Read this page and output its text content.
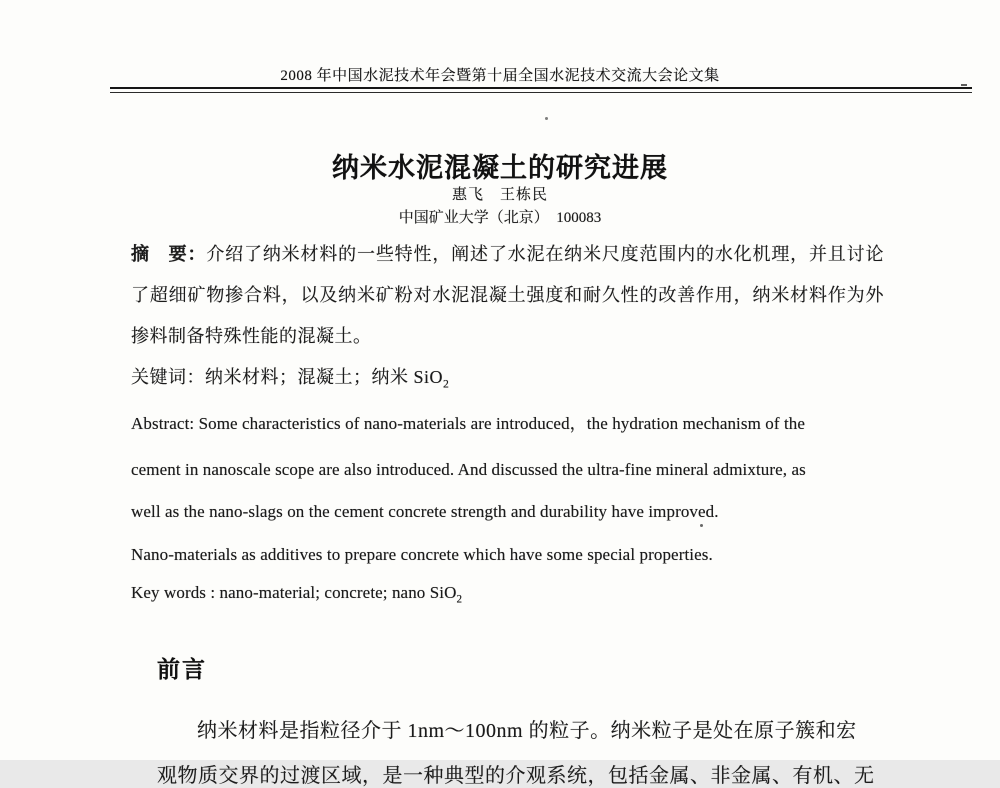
2008 年中国水泥技术年会暨第十届全国水泥技术交流大会论文集
纳米水泥混凝土的研究进展
惠飞　王栋民
中国矿业大学（北京）　100083
摘　要：介绍了纳米材料的一些特性，阐述了水泥在纳米尺度范围内的水化机理，并且讨论
了超细矿物掺合料，以及纳米矿粉对水泥混凝土强度和耐久性的改善作用，纳米材料作为外
掺料制备特殊性能的混凝土。
关键词：纳米材料；混凝土；纳米 SiO$_2$
Abstract: Some characteristics of nano-materials are introduced，the hydration mechanism of the
cement in nanoscale scope are also introduced. And discussed the ultra-fine mineral admixture, as
well as the nano-slags on the cement concrete strength and durability have improved.
Nano-materials as additives to prepare concrete which have some special properties.
Key words : nano-material; concrete; nano SiO$_2$
前言

纳米材料是指粒径介于 1nm～100nm 的粒子。纳米粒子是处在原子簇和宏

观物质交界的过渡区域，是一种典型的介观系统，包括金属、非金属、有机、无
